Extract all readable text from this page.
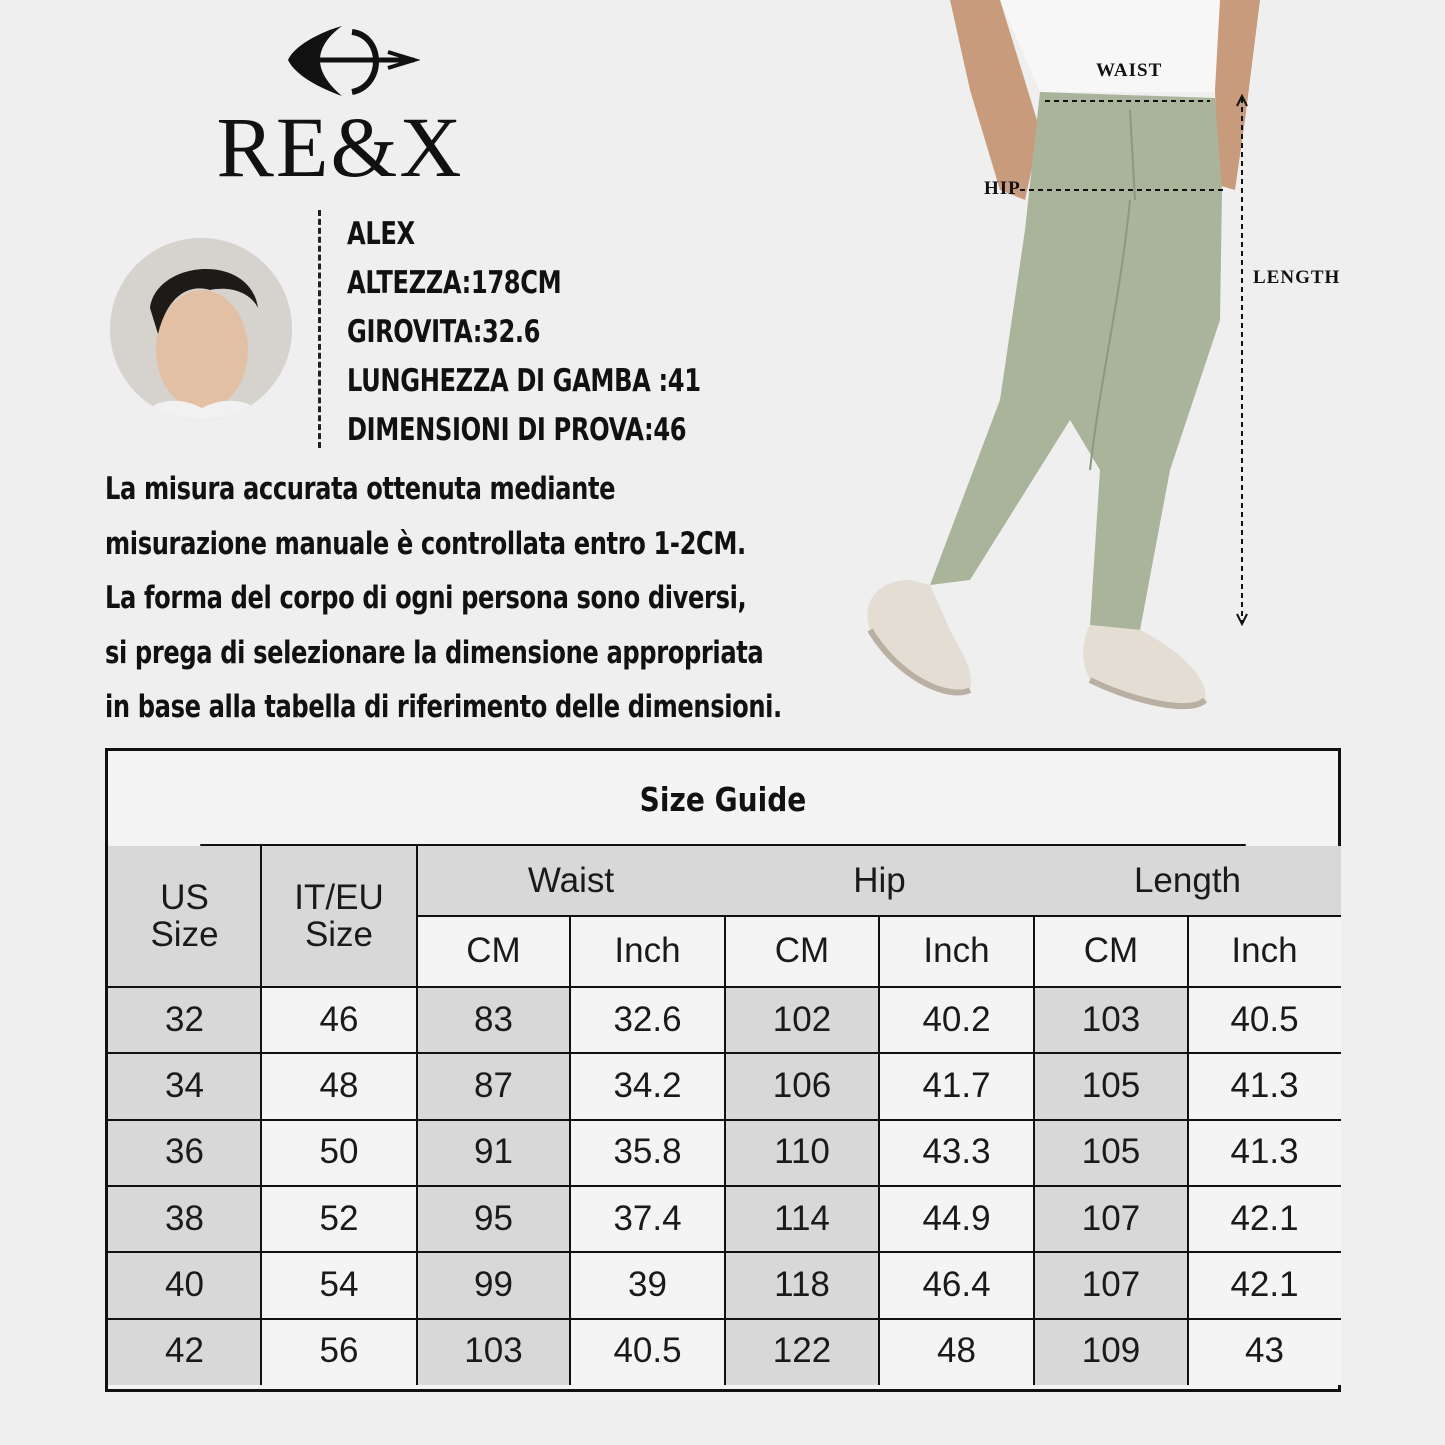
RE&X
ALEX
ALTEZZA:178CM
GIROVITA:32.6
LUNGHEZZA DI GAMBA :41
DIMENSIONI DI PROVA:46
La misura accurata ottenuta mediante
misurazione manuale è controllata entro 1-2CM.
La forma del corpo di ogni persona sono diversi,
si prega di selezionare la dimensione appropriata
in base alla tabella di riferimento delle dimensioni.
WAIST
HIP
LENGTH
Size Guide
US
Size
IT/EU
Size
Waist	Hip	Length
CM	Inch	CM	Inch	CM	Inch
32	46	83	32.6	102	40.2	103	40.5
34	48	87	34.2	106	41.7	105	41.3
36	50	91	35.8	110	43.3	105	41.3
38	52	95	37.4	114	44.9	107	42.1
40	54	99	39	118	46.4	107	42.1
42	56	103	40.5	122	48	109	43
